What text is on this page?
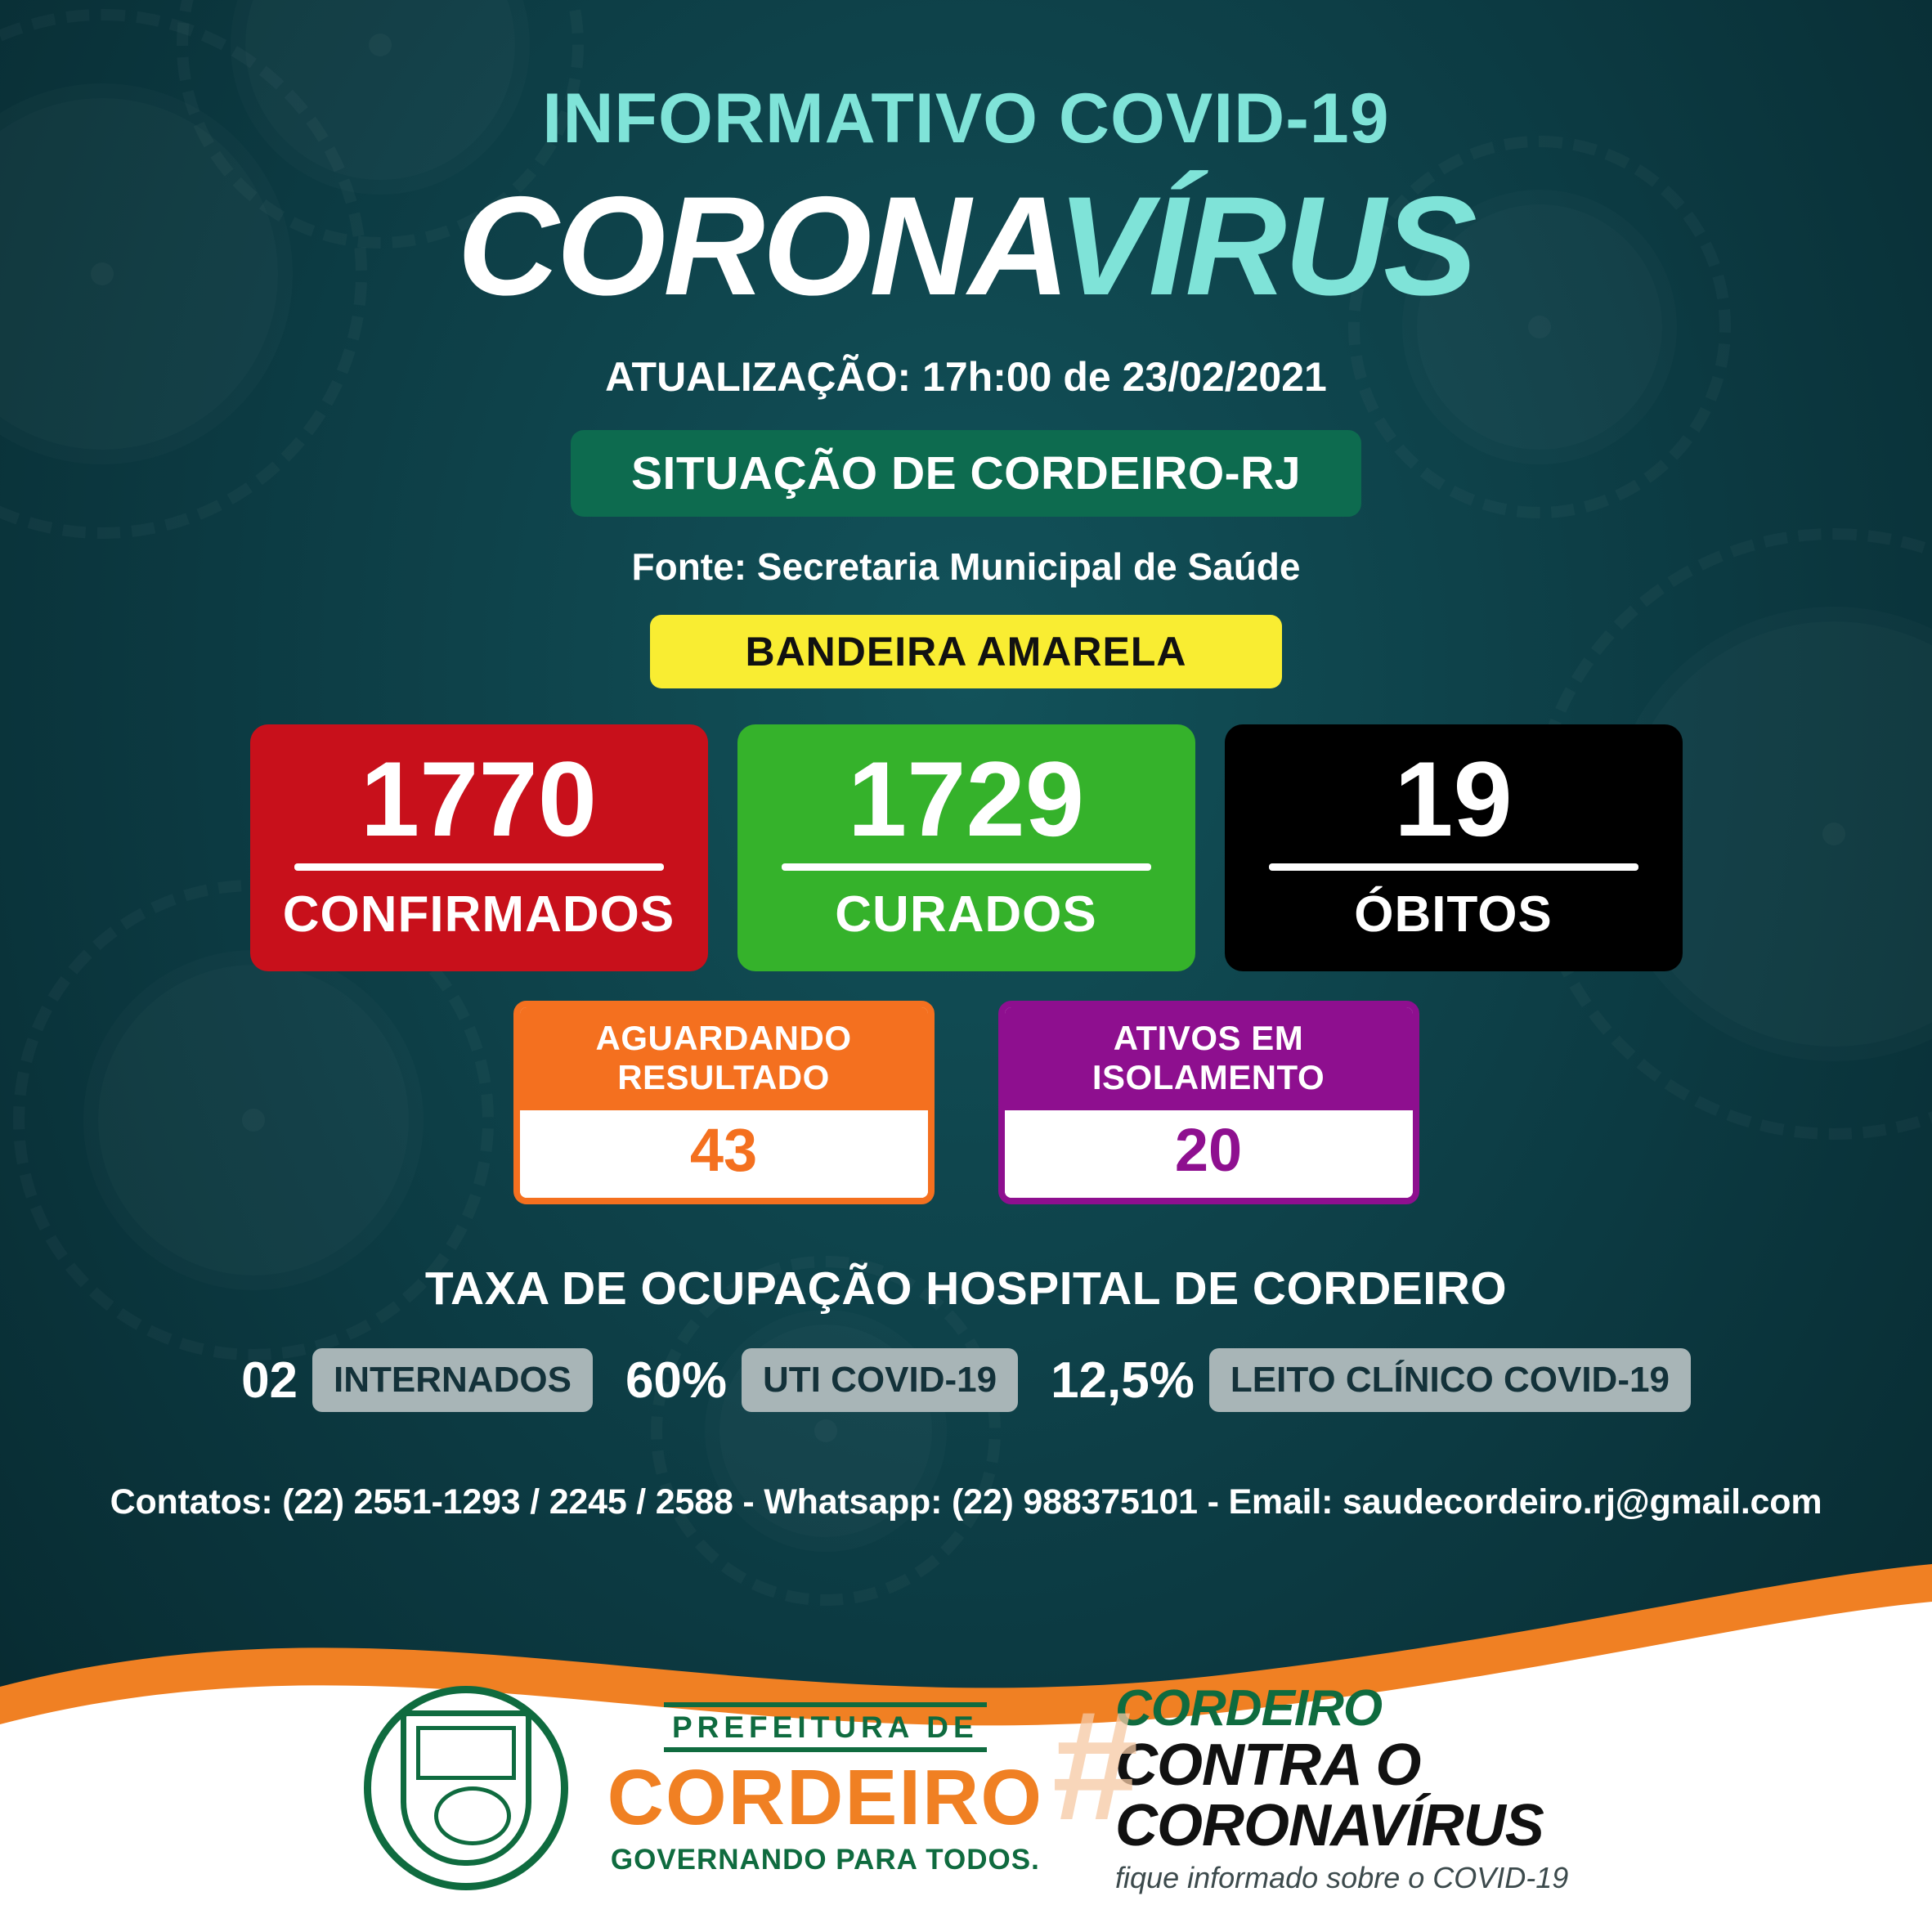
INFORMATIVO COVID-19
CORONAVÍRUS
ATUALIZAÇÃO: 17h:00 de 23/02/2021
SITUAÇÃO DE CORDEIRO-RJ
Fonte: Secretaria Municipal de Saúde
BANDEIRA AMARELA
1770
CONFIRMADOS
1729
CURADOS
19
ÓBITOS
AGUARDANDO
RESULTADO
43
ATIVOS EM
ISOLAMENTO
20
TAXA DE OCUPAÇÃO HOSPITAL DE CORDEIRO
02	INTERNADOS	60%	UTI COVID-19	12,5%	LEITO CLÍNICO COVID-19
Contatos: (22) 2551-1293 / 2245 / 2588 - Whatsapp: (22) 988375101 - Email: saudecordeiro.rj@gmail.com
PREFEITURA DE
CORDEIRO
GOVERNANDO PARA TODOS.
#
CORDEIRO
CONTRA O
CORONAVÍRUS
fique informado sobre o COVID-19
